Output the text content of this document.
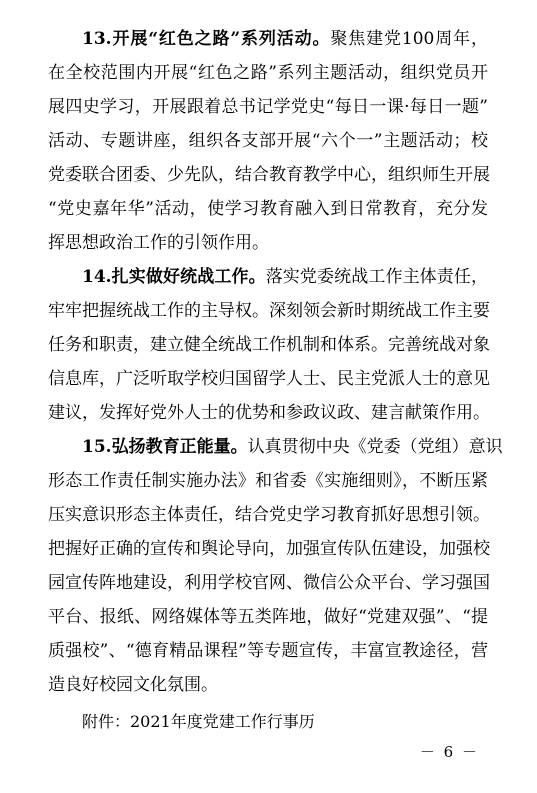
13.开展“红色之路”系列活动。聚焦建党100周年，
在全校范围内开展“红色之路”系列主题活动，组织党员开
展四史学习，开展跟着总书记学党史“每日一课·每日一题”
活动、专题讲座，组织各支部开展“六个一”主题活动；校
党委联合团委、少先队，结合教育教学中心，组织师生开展
“党史嘉年华”活动，使学习教育融入到日常教育，充分发
挥思想政治工作的引领作用。
14.扎实做好统战工作。落实党委统战工作主体责任，
牢牢把握统战工作的主导权。深刻领会新时期统战工作主要
任务和职责，建立健全统战工作机制和体系。完善统战对象
信息库，广泛听取学校归国留学人士、民主党派人士的意见
建议，发挥好党外人士的优势和参政议政、建言献策作用。
15.弘扬教育正能量。认真贯彻中央《党委（党组）意识
形态工作责任制实施办法》和省委《实施细则》，不断压紧
压实意识形态主体责任，结合党史学习教育抓好思想引领。
把握好正确的宣传和舆论导向，加强宣传队伍建设，加强校
园宣传阵地建设，利用学校官网、微信公众平台、学习强国
平台、报纸、网络媒体等五类阵地，做好“党建双强”、“提
质强校”、“德育精品课程”等专题宣传，丰富宣教途径，营
造良好校园文化氛围。
附件：2021年度党建工作行事历
－ 6 －
